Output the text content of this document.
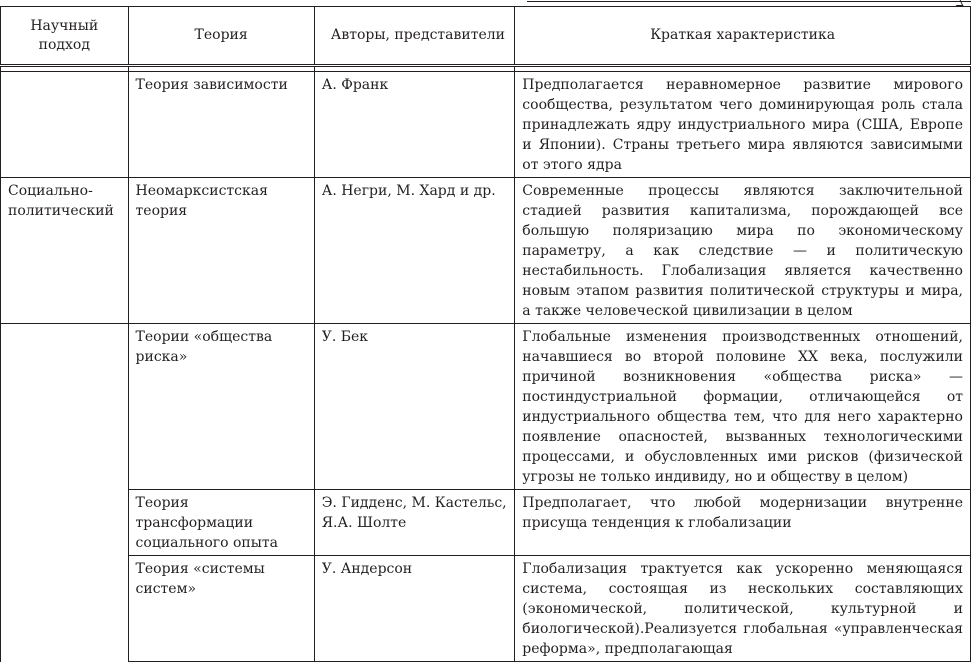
Научный подход	Теория	Авторы, представители	Краткая характеристика

	Теория зависимости	А. Франк	Предполагается неравномерное развитие мирового сообщества, результатом чего доминирующая роль стала принадлежать ядру индустриального мира (США, Европе и Японии). Страны третьего мира являются зависимыми от этого ядра
Социально-политический	Неомарксистская теория	А. Негри, М. Хард и др.	Современные процессы являются заключительной стадией развития капитализма, порождающей все большую поляризацию мира по экономическому параметру, а как следствие — и политическую нестабильность. Глобализация является качественно новым этапом развития политической структуры и мира, а также человеческой цивилизации в целом
	Теории «общества риска»	У. Бек	Глобальные изменения производственных отношений, начавшиеся во второй половине XX века, послужили причиной возникновения «общества риска» — постиндустриальной формации, отличающейся от индустриального общества тем, что для него характерно появление опасностей, вызванных технологическими процессами, и обусловленных ими рисков (физической угрозы не только индивиду, но и обществу в целом)
	Теория трансформации социального опыта	Э. Гидденс, М. Кастельс, Я.А. Шолте	Предполагает, что любой модернизации внутренне присуща тенденция к глобализации
	Теория «системы систем»	У. Андерсон	Глобализация трактуется как ускоренно меняющаяся система, состоящая из нескольких составляющих (экономической, политической, культурной и биологической).Реализуется глобальная «управленческая реформа», предполагающая
